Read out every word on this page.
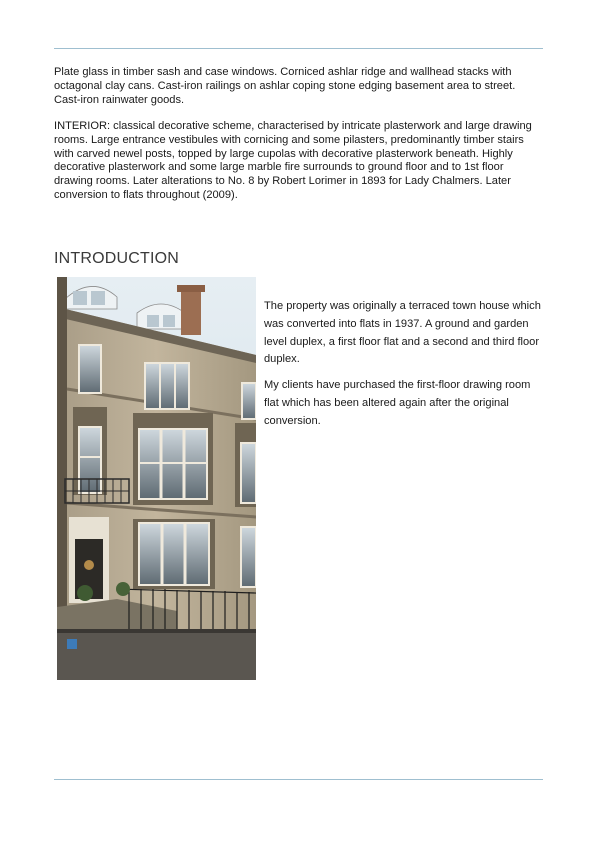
Plate glass in timber sash and case windows. Corniced ashlar ridge and wallhead stacks with octagonal clay cans. Cast-iron railings on ashlar coping stone edging basement area to street. Cast-iron rainwater goods.

INTERIOR: classical decorative scheme, characterised by intricate plasterwork and large drawing rooms. Large entrance vestibules with cornicing and some pilasters, predominantly timber stairs with carved newel posts, topped by large cupolas with decorative plasterwork beneath. Highly decorative plasterwork and some large marble fire surrounds to ground floor and to 1st floor drawing rooms. Later alterations to No. 8 by Robert Lorimer in 1893 for Lady Chalmers. Later conversion to flats throughout (2009).

INTRODUCTION

The property was originally a terraced town house which was converted into flats in 1937. A ground and garden level duplex, a first floor flat and a second and third floor duplex.

My clients have purchased the first-floor drawing room flat which has been altered again after the original conversion.
